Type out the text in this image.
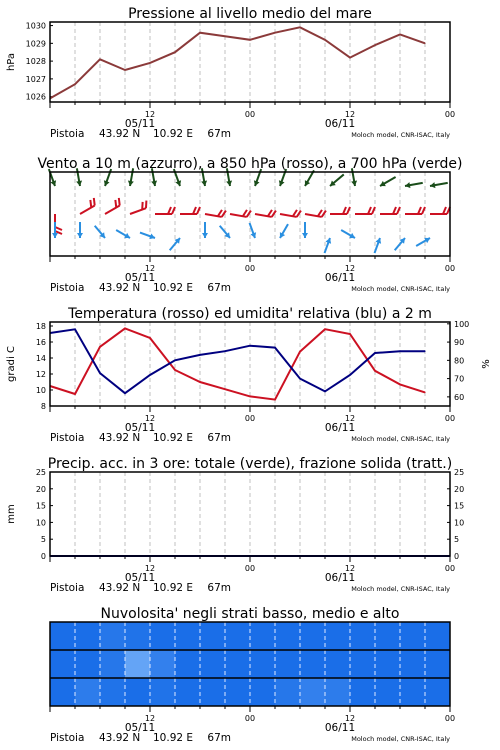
Pressione al livello medio del mare
12	00	12	00
05/11	06/11
Pistoia 43.92 N 10.92 E 67m	Moloch model, CNR-ISAC, Italy
1026
1027
1028
1029
1030
hPa
Vento a 10 m (azzurro), a 850 hPa (rosso), a 700 hPa (verde)
12	00	12	00
05/11	06/11
Pistoia 43.92 N 10.92 E 67m	Moloch model, CNR-ISAC, Italy
Temperatura (rosso) ed umidita' relativa (blu) a 2 m
12	00	12	00
05/11	06/11
Pistoia 43.92 N 10.92 E 67m	Moloch model, CNR-ISAC, Italy
8
10
12
14
16
18
gradi C
60
70
80
90
100
%
Precip. acc. in 3 ore: totale (verde), frazione solida (tratt.)
12	00	12	00
05/11	06/11
Pistoia 43.92 N 10.92 E 67m	Moloch model, CNR-ISAC, Italy
0
5
10
15
20
25
mm
0
5
10
15
20
25
Nuvolosita' negli strati basso, medio e alto
12	00	12	00
05/11	06/11
Pistoia 43.92 N 10.92 E 67m	Moloch model, CNR-ISAC, Italy
